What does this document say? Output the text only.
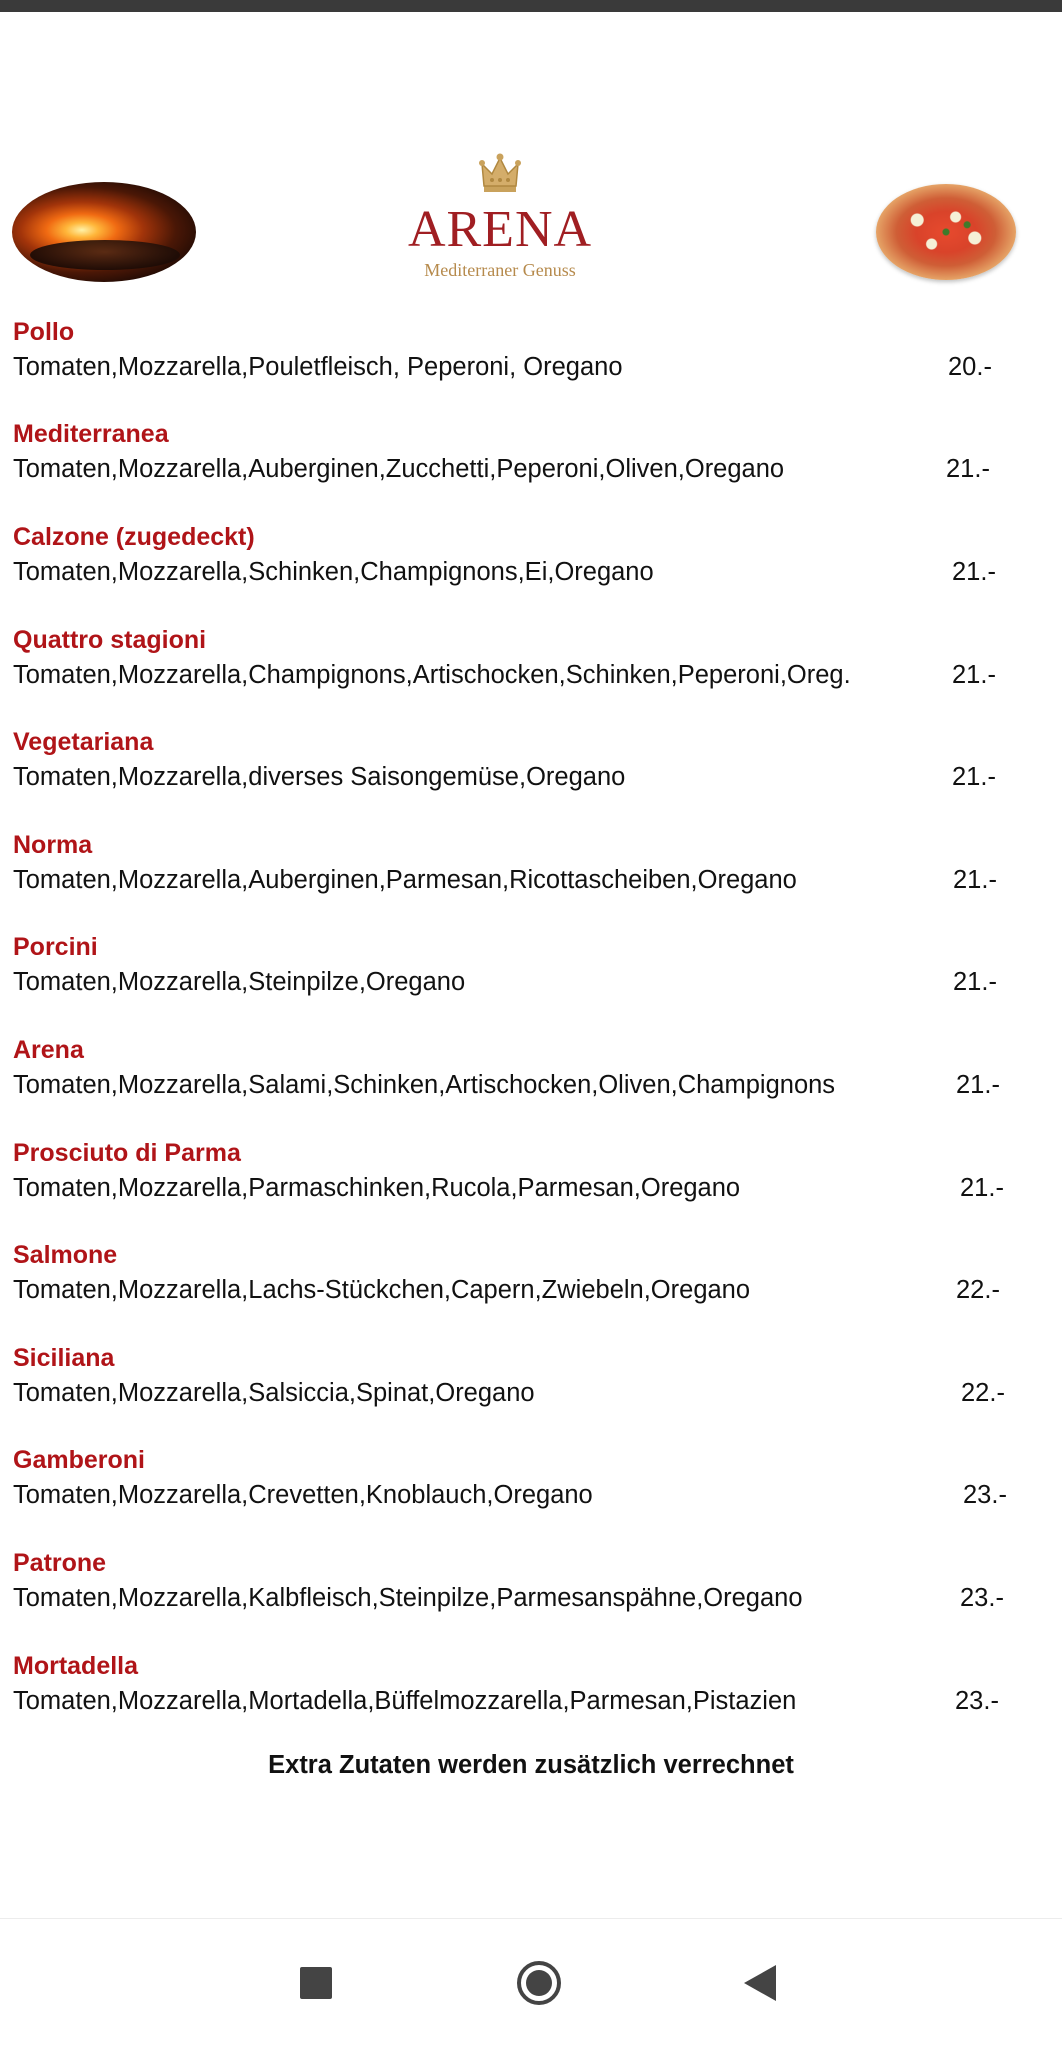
ARENA
Mediterraner Genuss
Pollo
Tomaten,Mozzarella,Pouletfleisch, Peperoni, Oregano	20.-
Mediterranea
Tomaten,Mozzarella,Auberginen,Zucchetti,Peperoni,Oliven,Oregano	21.-
Calzone (zugedeckt)
Tomaten,Mozzarella,Schinken,Champignons,Ei,Oregano	21.-
Quattro stagioni
Tomaten,Mozzarella,Champignons,Artischocken,Schinken,Peperoni,Oreg.	21.-
Vegetariana
Tomaten,Mozzarella,diverses Saisongemüse,Oregano	21.-
Norma
Tomaten,Mozzarella,Auberginen,Parmesan,Ricottascheiben,Oregano	21.-
Porcini
Tomaten,Mozzarella,Steinpilze,Oregano	21.-
Arena
Tomaten,Mozzarella,Salami,Schinken,Artischocken,Oliven,Champignons	21.-
Prosciuto di Parma
Tomaten,Mozzarella,Parmaschinken,Rucola,Parmesan,Oregano	21.-
Salmone
Tomaten,Mozzarella,Lachs-Stückchen,Capern,Zwiebeln,Oregano	22.-
Siciliana
Tomaten,Mozzarella,Salsiccia,Spinat,Oregano	22.-
Gamberoni
Tomaten,Mozzarella,Crevetten,Knoblauch,Oregano	23.-
Patrone
Tomaten,Mozzarella,Kalbfleisch,Steinpilze,Parmesanspähne,Oregano	23.-
Mortadella
Tomaten,Mozzarella,Mortadella,Büffelmozzarella,Parmesan,Pistazien	23.-
Extra Zutaten werden zusätzlich verrechnet
